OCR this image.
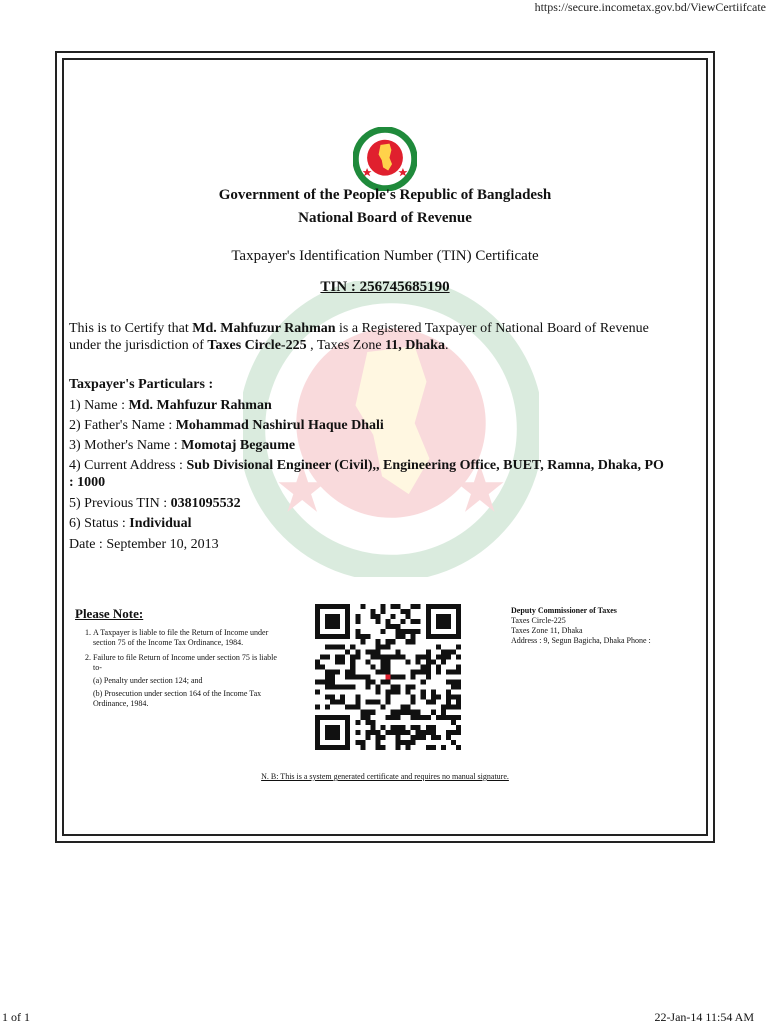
https://secure.incometax.gov.bd/ViewCertiifcate
Government of the People's Republic of Bangladesh
National Board of Revenue
Taxpayer's Identification Number (TIN) Certificate
TIN : 256745685190
This is to Certify that Md. Mahfuzur Rahman is a Registered Taxpayer of National Board of Revenue under the jurisdiction of Taxes Circle-225 , Taxes Zone 11, Dhaka.
Taxpayer's Particulars :
1) Name : Md. Mahfuzur Rahman
2) Father's Name : Mohammad Nashirul Haque Dhali
3) Mother's Name : Momotaj Begaume
4) Current Address : Sub Divisional Engineer (Civil),, Engineering Office, BUET, Ramna, Dhaka, PO : 1000
5) Previous TIN : 0381095532
6) Status : Individual
Date : September 10, 2013
Please Note:
1. A Taxpayer is liable to file the Return of Income under section 75 of the Income Tax Ordinance, 1984.
2. Failure to file Return of Income under section 75 is liable to-
(a) Penalty under section 124; and
(b) Prosecution under section 164 of the Income Tax Ordinance, 1984.
Deputy Commissioner of Taxes
Taxes Circle-225
Taxes Zone 11, Dhaka
Address : 9, Segun Bagicha, Dhaka Phone :
N. B: This is a system generated certificate and requires no manual signature.
1 of 1	22-Jan-14 11:54 AM
